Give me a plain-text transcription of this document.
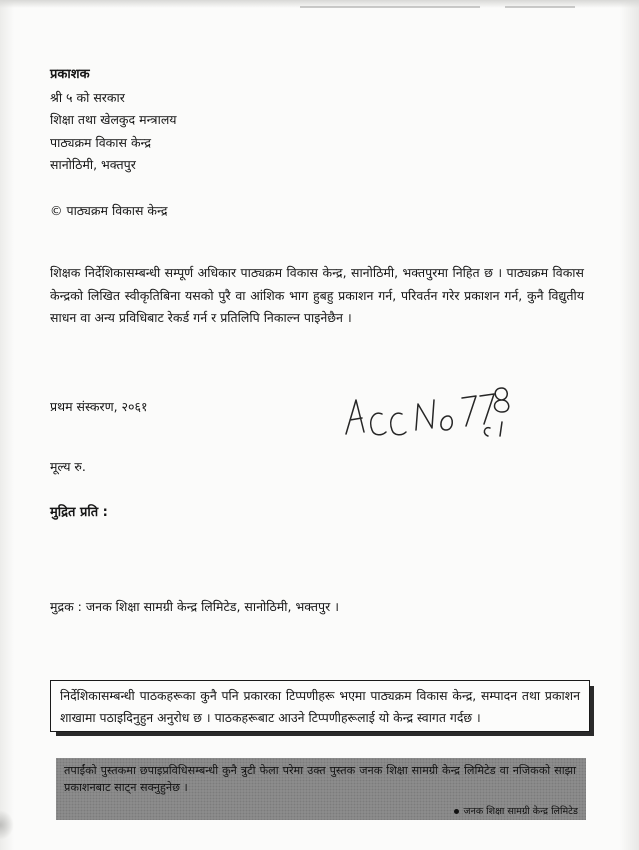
प्रकाशक
श्री ५ को सरकार
शिक्षा तथा खेलकुद मन्त्रालय
पाठ्यक्रम विकास केन्द्र
सानोठिमी, भक्तपुर
© पाठ्यक्रम विकास केन्द्र
शिक्षक निर्देशिकासम्बन्धी सम्पूर्ण अधिकार पाठ्यक्रम विकास केन्द्र, सानोठिमी, भक्तपुरमा निहित छ । पाठ्यक्रम विकास केन्द्रको लिखित स्वीकृतिबिना यसको पुरै वा आंशिक भाग हुबहु प्रकाशन गर्न, परिवर्तन गरेर प्रकाशन गर्न, कुनै विद्युतीय साधन वा अन्य प्रविधिबाट रेकर्ड गर्न र प्रतिलिपि निकाल्न पाइनेछैन ।
प्रथम संस्करण, २०६१
मूल्य रु.
मुद्रित प्रति :
मुद्रक : जनक शिक्षा सामग्री केन्द्र लिमिटेड, सानोठिमी, भक्तपुर ।
निर्देशिकासम्बन्धी पाठकहरूका कुनै पनि प्रकारका टिप्पणीहरू भएमा पाठ्यक्रम विकास केन्द्र, सम्पादन तथा प्रकाशन शाखामा पठाइदिनुहुन अनुरोध छ । पाठकहरूबाट आउने टिप्पणीहरूलाई यो केन्द्र स्वागत गर्दछ ।
तपाईंको पुस्तकमा छपाइप्रविधिसम्बन्धी कुनै त्रुटी फेला परेमा उक्त पुस्तक जनक शिक्षा सामग्री केन्द्र लिमिटेड वा नजिकको साझा प्रकाशनबाट साट्न सक्नुहुनेछ ।
जनक शिक्षा सामग्री केन्द्र लिमिटेड
